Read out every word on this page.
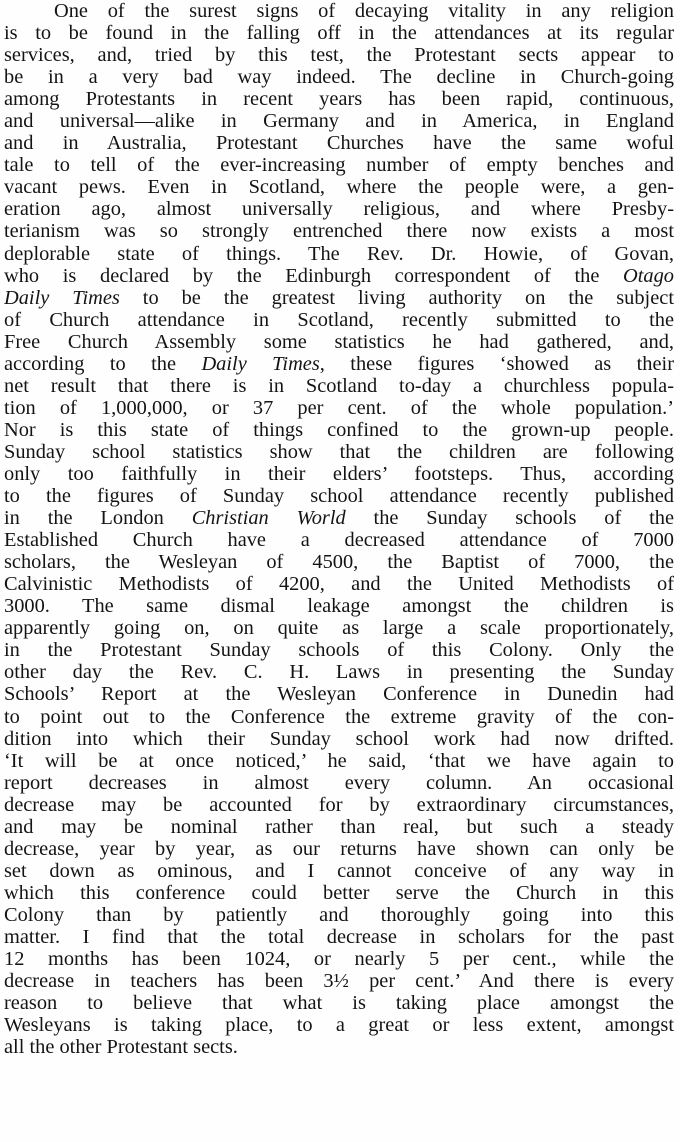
One of the surest signs of decaying vitality in any religion
is to be found in the falling off in the attendances at its regular
services, and, tried by this test, the Protestant sects appear to
be in a very bad way indeed. The decline in Church-going
among Protestants in recent years has been rapid, continuous,
and universal—alike in Germany and in America, in England
and in Australia, Protestant Churches have the same woful
tale to tell of the ever-increasing number of empty benches and
vacant pews. Even in Scotland, where the people were, a gen-
eration ago, almost universally religious, and where Presby-
terianism was so strongly entrenched there now exists a most
deplorable state of things. The Rev. Dr. Howie, of Govan,
who is declared by the Edinburgh correspondent of the Otago
Daily Times to be the greatest living authority on the subject
of Church attendance in Scotland, recently submitted to the
Free Church Assembly some statistics he had gathered, and,
according to the Daily Times, these figures ‘showed as their
net result that there is in Scotland to-day a churchless popula-
tion of 1,000,000, or 37 per cent. of the whole population.’
Nor is this state of things confined to the grown-up people.
Sunday school statistics show that the children are following
only too faithfully in their elders’ footsteps. Thus, according
to the figures of Sunday school attendance recently published
in the London Christian World the Sunday schools of the
Established Church have a decreased attendance of 7000
scholars, the Wesleyan of 4500, the Baptist of 7000, the
Calvinistic Methodists of 4200, and the United Methodists of
3000. The same dismal leakage amongst the children is
apparently going on, on quite as large a scale proportionately,
in the Protestant Sunday schools of this Colony. Only the
other day the Rev. C. H. Laws in presenting the Sunday
Schools’ Report at the Wesleyan Conference in Dunedin had
to point out to the Conference the extreme gravity of the con-
dition into which their Sunday school work had now drifted.
‘It will be at once noticed,’ he said, ‘that we have again to
report decreases in almost every column. An occasional
decrease may be accounted for by extraordinary circumstances,
and may be nominal rather than real, but such a steady
decrease, year by year, as our returns have shown can only be
set down as ominous, and I cannot conceive of any way in
which this conference could better serve the Church in this
Colony than by patiently and thoroughly going into this
matter. I find that the total decrease in scholars for the past
12 months has been 1024, or nearly 5 per cent., while the
decrease in teachers has been 3½ per cent.’ And there is every
reason to believe that what is taking place amongst the
Wesleyans is taking place, to a great or less extent, amongst
all the other Protestant sects.
